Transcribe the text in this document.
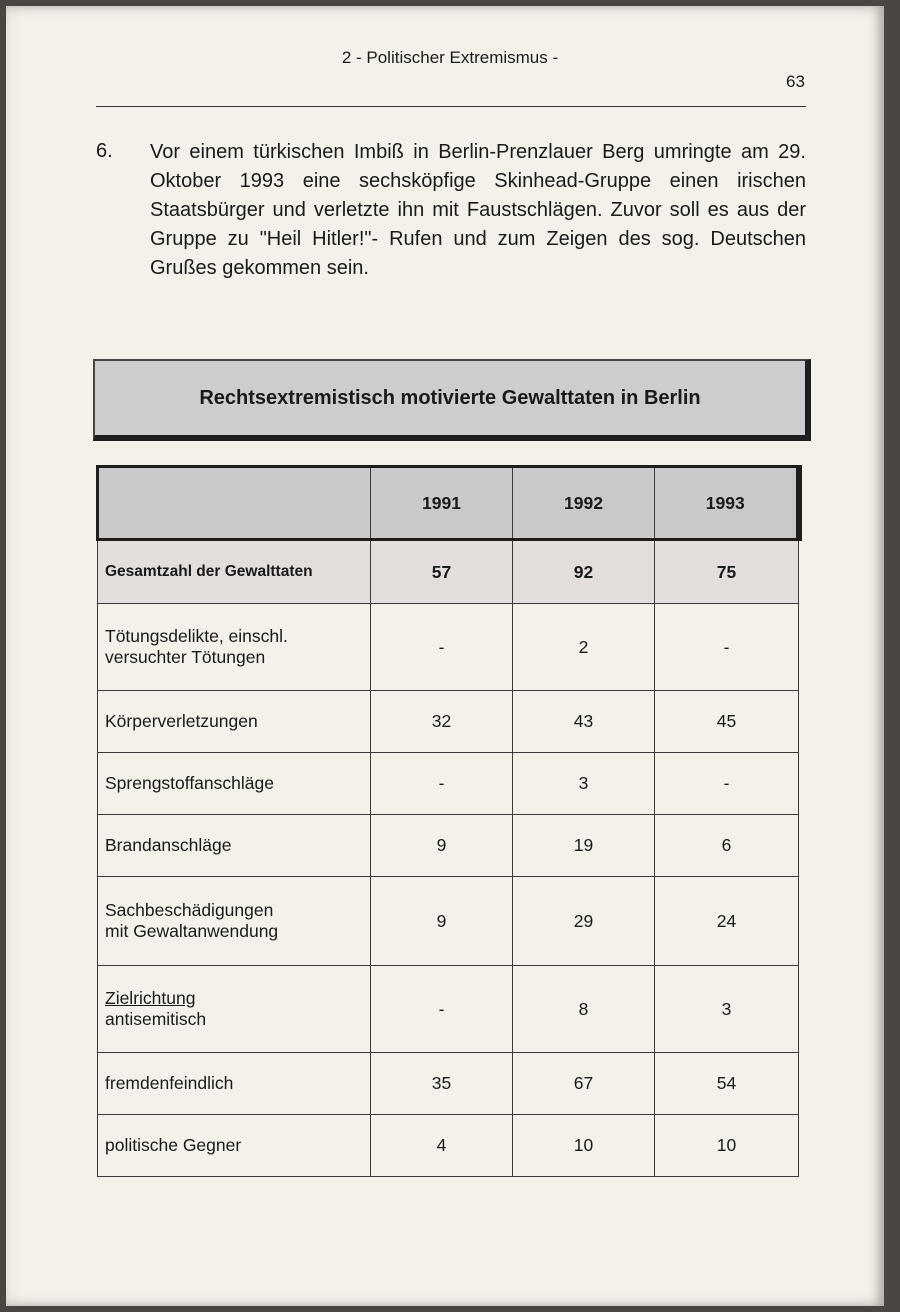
2 - Politischer Extremismus -
63
6. Vor einem türkischen Imbiß in Berlin-Prenzlauer Berg umringte am 29. Oktober 1993 eine sechsköpfige Skinhead-Gruppe einen irischen Staatsbürger und verletzte ihn mit Faustschlägen. Zuvor soll es aus der Gruppe zu "Heil Hitler!"- Rufen und zum Zeigen des sog. Deutschen Grußes gekommen sein.
Rechtsextremistisch motivierte Gewalttaten in Berlin
	1991	1992	1993
Gesamtzahl der Gewalttaten	57	92	75

Tötungsdelikte, einschl.
versuchter Tötungen	-	2	-
Körperverletzungen	32	43	45
Sprengstoffanschläge	-	3	-
Brandanschläge	9	19	6

Sachbeschädigungen
mit Gewaltanwendung	9	29	24

Zielrichtung
antisemitisch	-	8	3
fremdenfeindlich	35	67	54
politische Gegner	4	10	10
